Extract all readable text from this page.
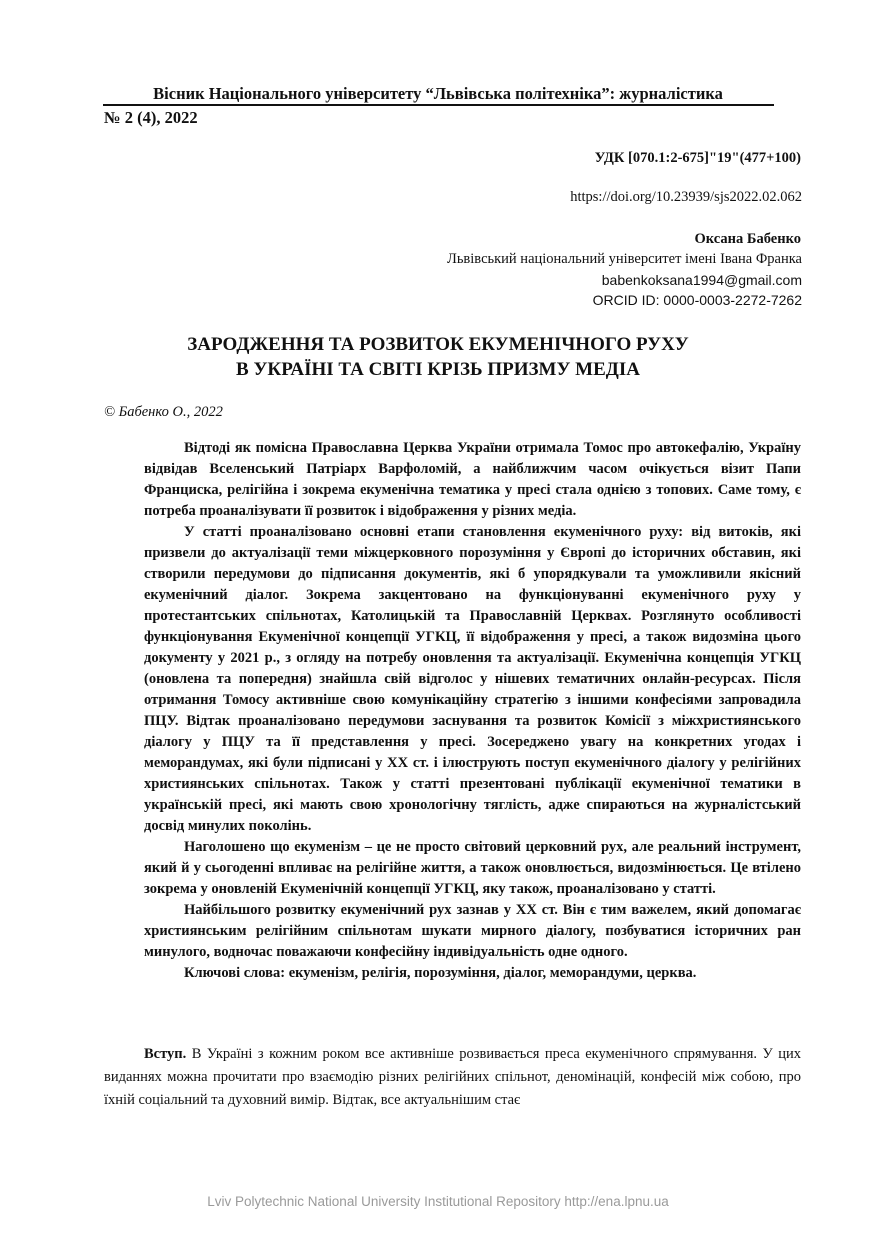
Вісник Національного університету “Львівська політехніка”: журналістика
№ 2 (4), 2022
УДК [070.1:2-675]"19"(477+100)
https://doi.org/10.23939/sjs2022.02.062
Оксана Бабенко
Львівський національний університет імені Івана Франка
babenkoksana1994@gmail.com
ORCID ID: 0000-0003-2272-7262
ЗАРОДЖЕННЯ ТА РОЗВИТОК ЕКУМЕНІЧНОГО РУХУ
В УКРАЇНІ ТА СВІТІ КРІЗЬ ПРИЗМУ МЕДІА
© Бабенко О., 2022

Відтоді як помісна Православна Церква України отримала Томос про автокефалію, Україну відвідав Вселенський Патріарх Варфоломій, а найближчим часом очікується візит Папи Франциска, релігійна і зокрема екуменічна тематика у пресі стала однією з топових. Саме тому, є потреба проаналізувати її розвиток і відображення у різних медіа.

У статті проаналізовано основні етапи становлення екуменічного руху: від витоків, які призвели до актуалізації теми міжцерковного порозуміння у Європі до історичних обставин, які створили передумови до підписання документів, які б упорядкували та уможливили якісний екуменічний діалог. Зокрема закцентовано на функціонуванні екуменічного руху у протестантських спільнотах, Католицькій та Православній Церквах. Розглянуто особливості функціонування Екуменічної концепції УГКЦ, її відображення у пресі, а також видозміна цього документу у 2021 р., з огляду на потребу оновлення та актуалізації. Екуменічна концепція УГКЦ (оновлена та попередня) знайшла свій відголос у нішевих тематичних онлайн-ресурсах. Після отримання Томосу активніше свою комунікаційну стратегію з іншими конфесіями запровадила ПЦУ. Відтак проаналізовано передумови заснування та розвиток Комісії з міжхристиянського діалогу у ПЦУ та її представлення у пресі. Зосереджено увагу на конкретних угодах і меморандумах, які були підписані у XX ст. і ілюструють поступ екуменічного діалогу у релігійних християнських спільнотах. Також у статті презентовані публікації екуменічної тематики в українській пресі, які мають свою хронологічну тяглість, адже спираються на журналістський досвід минулих поколінь.

Наголошено що екуменізм – це не просто світовий церковний рух, але реальний інструмент, який й у сьогоденні впливає на релігійне життя, а також оновлюється, видозмінюється. Це втілено зокрема у оновленій Екуменічній концепції УГКЦ, яку також, проаналізовано у статті.

Найбільшого розвитку екуменічний рух зазнав у XX ст. Він є тим важелем, який допомагає християнським релігійним спільнотам шукати мирного діалогу, позбуватися історичних ран минулого, водночас поважаючи конфесійну індивідуальність одне одного.

Ключові слова: екуменізм, релігія, порозуміння, діалог, меморандуми, церква.

Вступ. В Україні з кожним роком все активніше розвивається преса екуменічного спрямування. У цих виданнях можна прочитати про взаємодію різних релігійних спільнот, деномінацій, конфесій між собою, про їхній соціальний та духовний вимір. Відтак, все актуальнішим стає

Lviv Polytechnic National University Institutional Repository http://ena.lpnu.ua
